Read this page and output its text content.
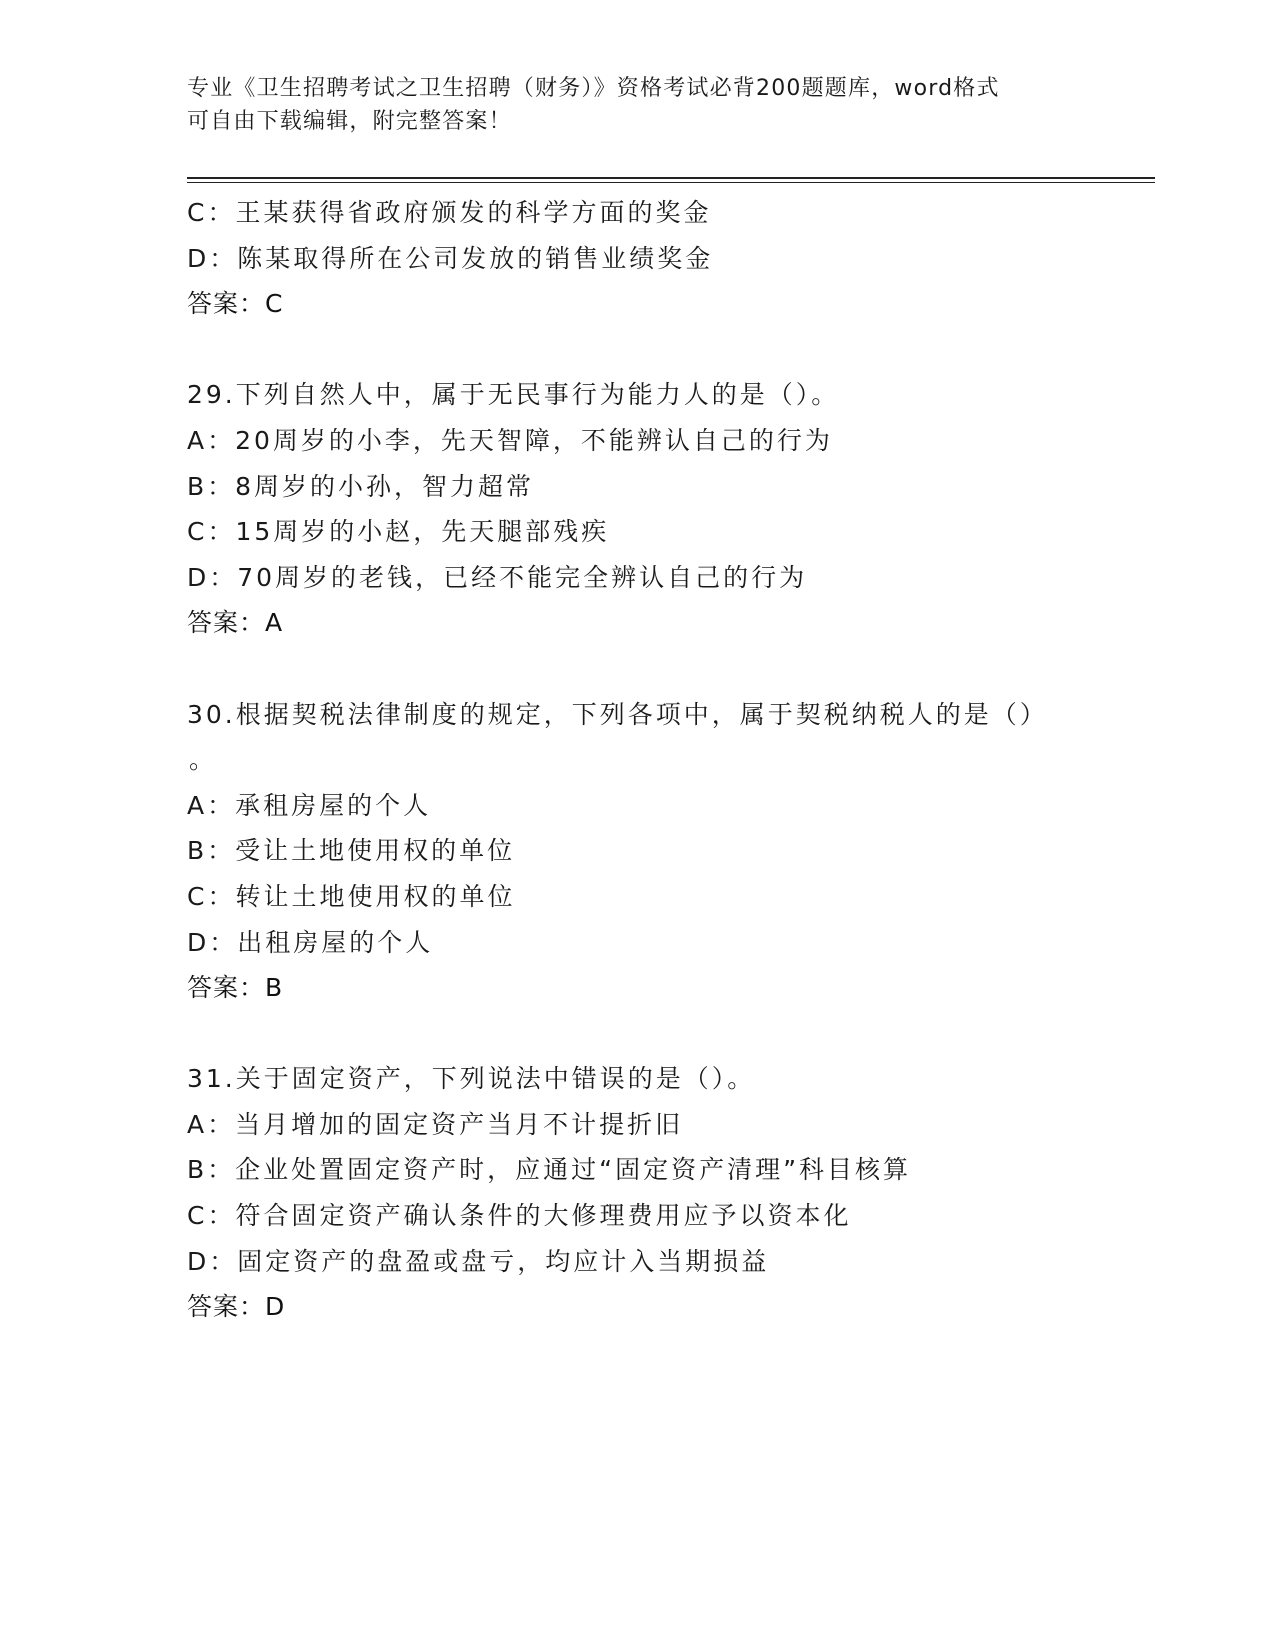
专业《卫生招聘考试之卫生招聘（财务）》资格考试必背200题题库，word格式
可自由下载编辑，附完整答案！
C：王某获得省政府颁发的科学方面的奖金
D：陈某取得所在公司发放的销售业绩奖金
答案：C
29.下列自然人中，属于无民事行为能力人的是（）。
A：20周岁的小李，先天智障，不能辨认自己的行为
B：8周岁的小孙，智力超常
C：15周岁的小赵，先天腿部残疾
D：70周岁的老钱，已经不能完全辨认自己的行为
答案：A
30.根据契税法律制度的规定，下列各项中，属于契税纳税人的是（）
。
A：承租房屋的个人
B：受让土地使用权的单位
C：转让土地使用权的单位
D：出租房屋的个人
答案：B
31.关于固定资产，下列说法中错误的是（）。
A：当月增加的固定资产当月不计提折旧
B：企业处置固定资产时，应通过“固定资产清理”科目核算
C：符合固定资产确认条件的大修理费用应予以资本化
D：固定资产的盘盈或盘亏，均应计入当期损益
答案：D
